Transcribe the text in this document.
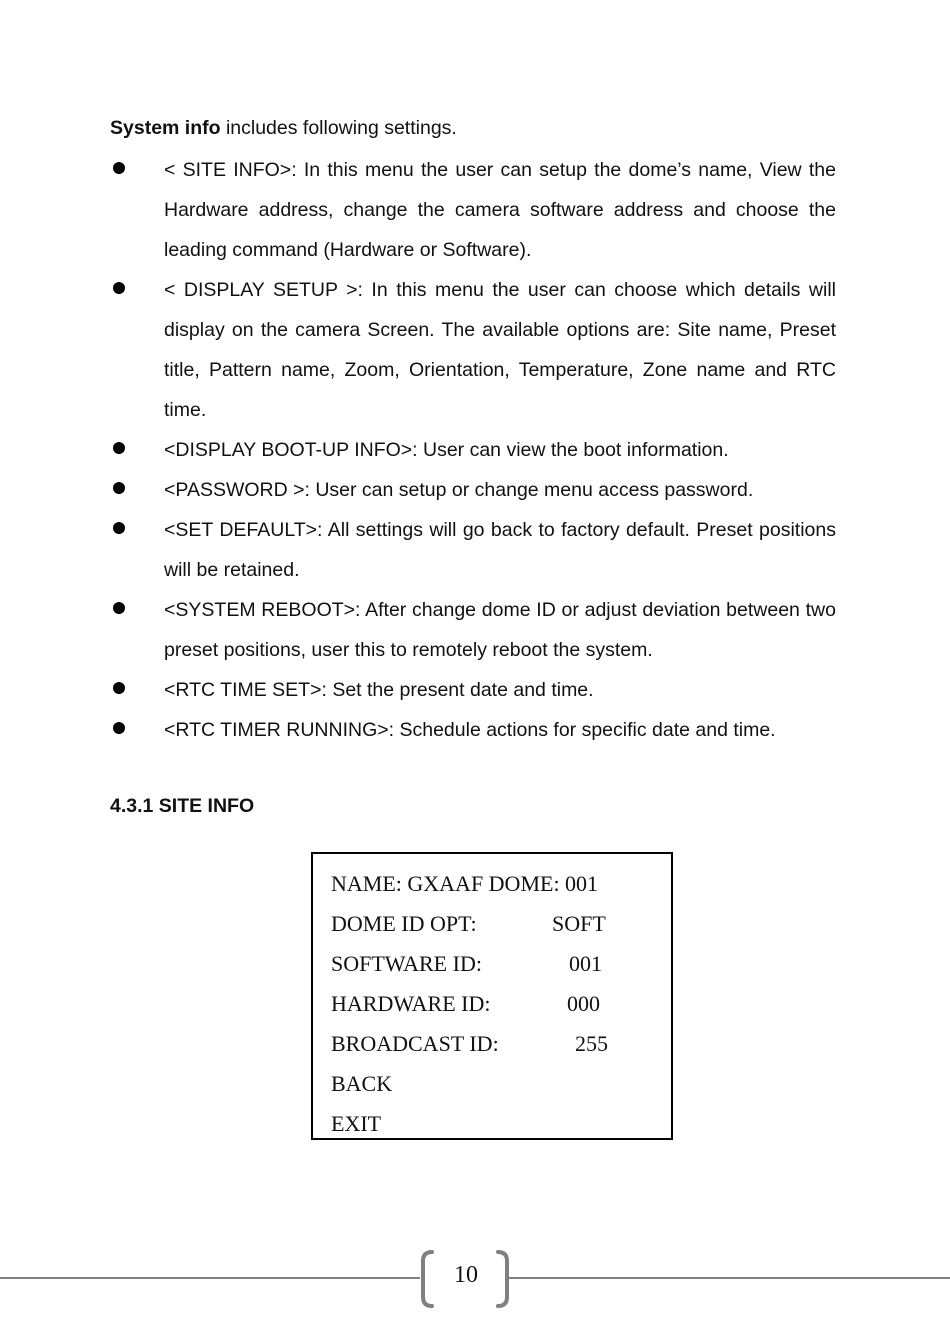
System info includes following settings.
< SITE INFO>: In this menu the user can setup the dome’s name, View the Hardware address, change the camera software address and choose the leading command (Hardware or Software).
< DISPLAY SETUP >: In this menu the user can choose which details will display on the camera Screen. The available options are: Site name, Preset title, Pattern name, Zoom, Orientation, Temperature, Zone name and RTC time.
<DISPLAY BOOT-UP INFO>: User can view the boot information.
<PASSWORD >: User can setup or change menu access password.
<SET DEFAULT>: All settings will go back to factory default. Preset positions will be retained.
<SYSTEM REBOOT>: After change dome ID or adjust deviation between two preset positions, user this to remotely reboot the system.
<RTC TIME SET>: Set the present date and time.
<RTC TIMER RUNNING>: Schedule actions for specific date and time.
4.3.1 SITE INFO
NAME: GXAAF DOME: 001
DOME ID OPT:	SOFT
SOFTWARE ID:	001
HARDWARE ID:	000
BROADCAST ID:	255
BACK
EXIT
10
